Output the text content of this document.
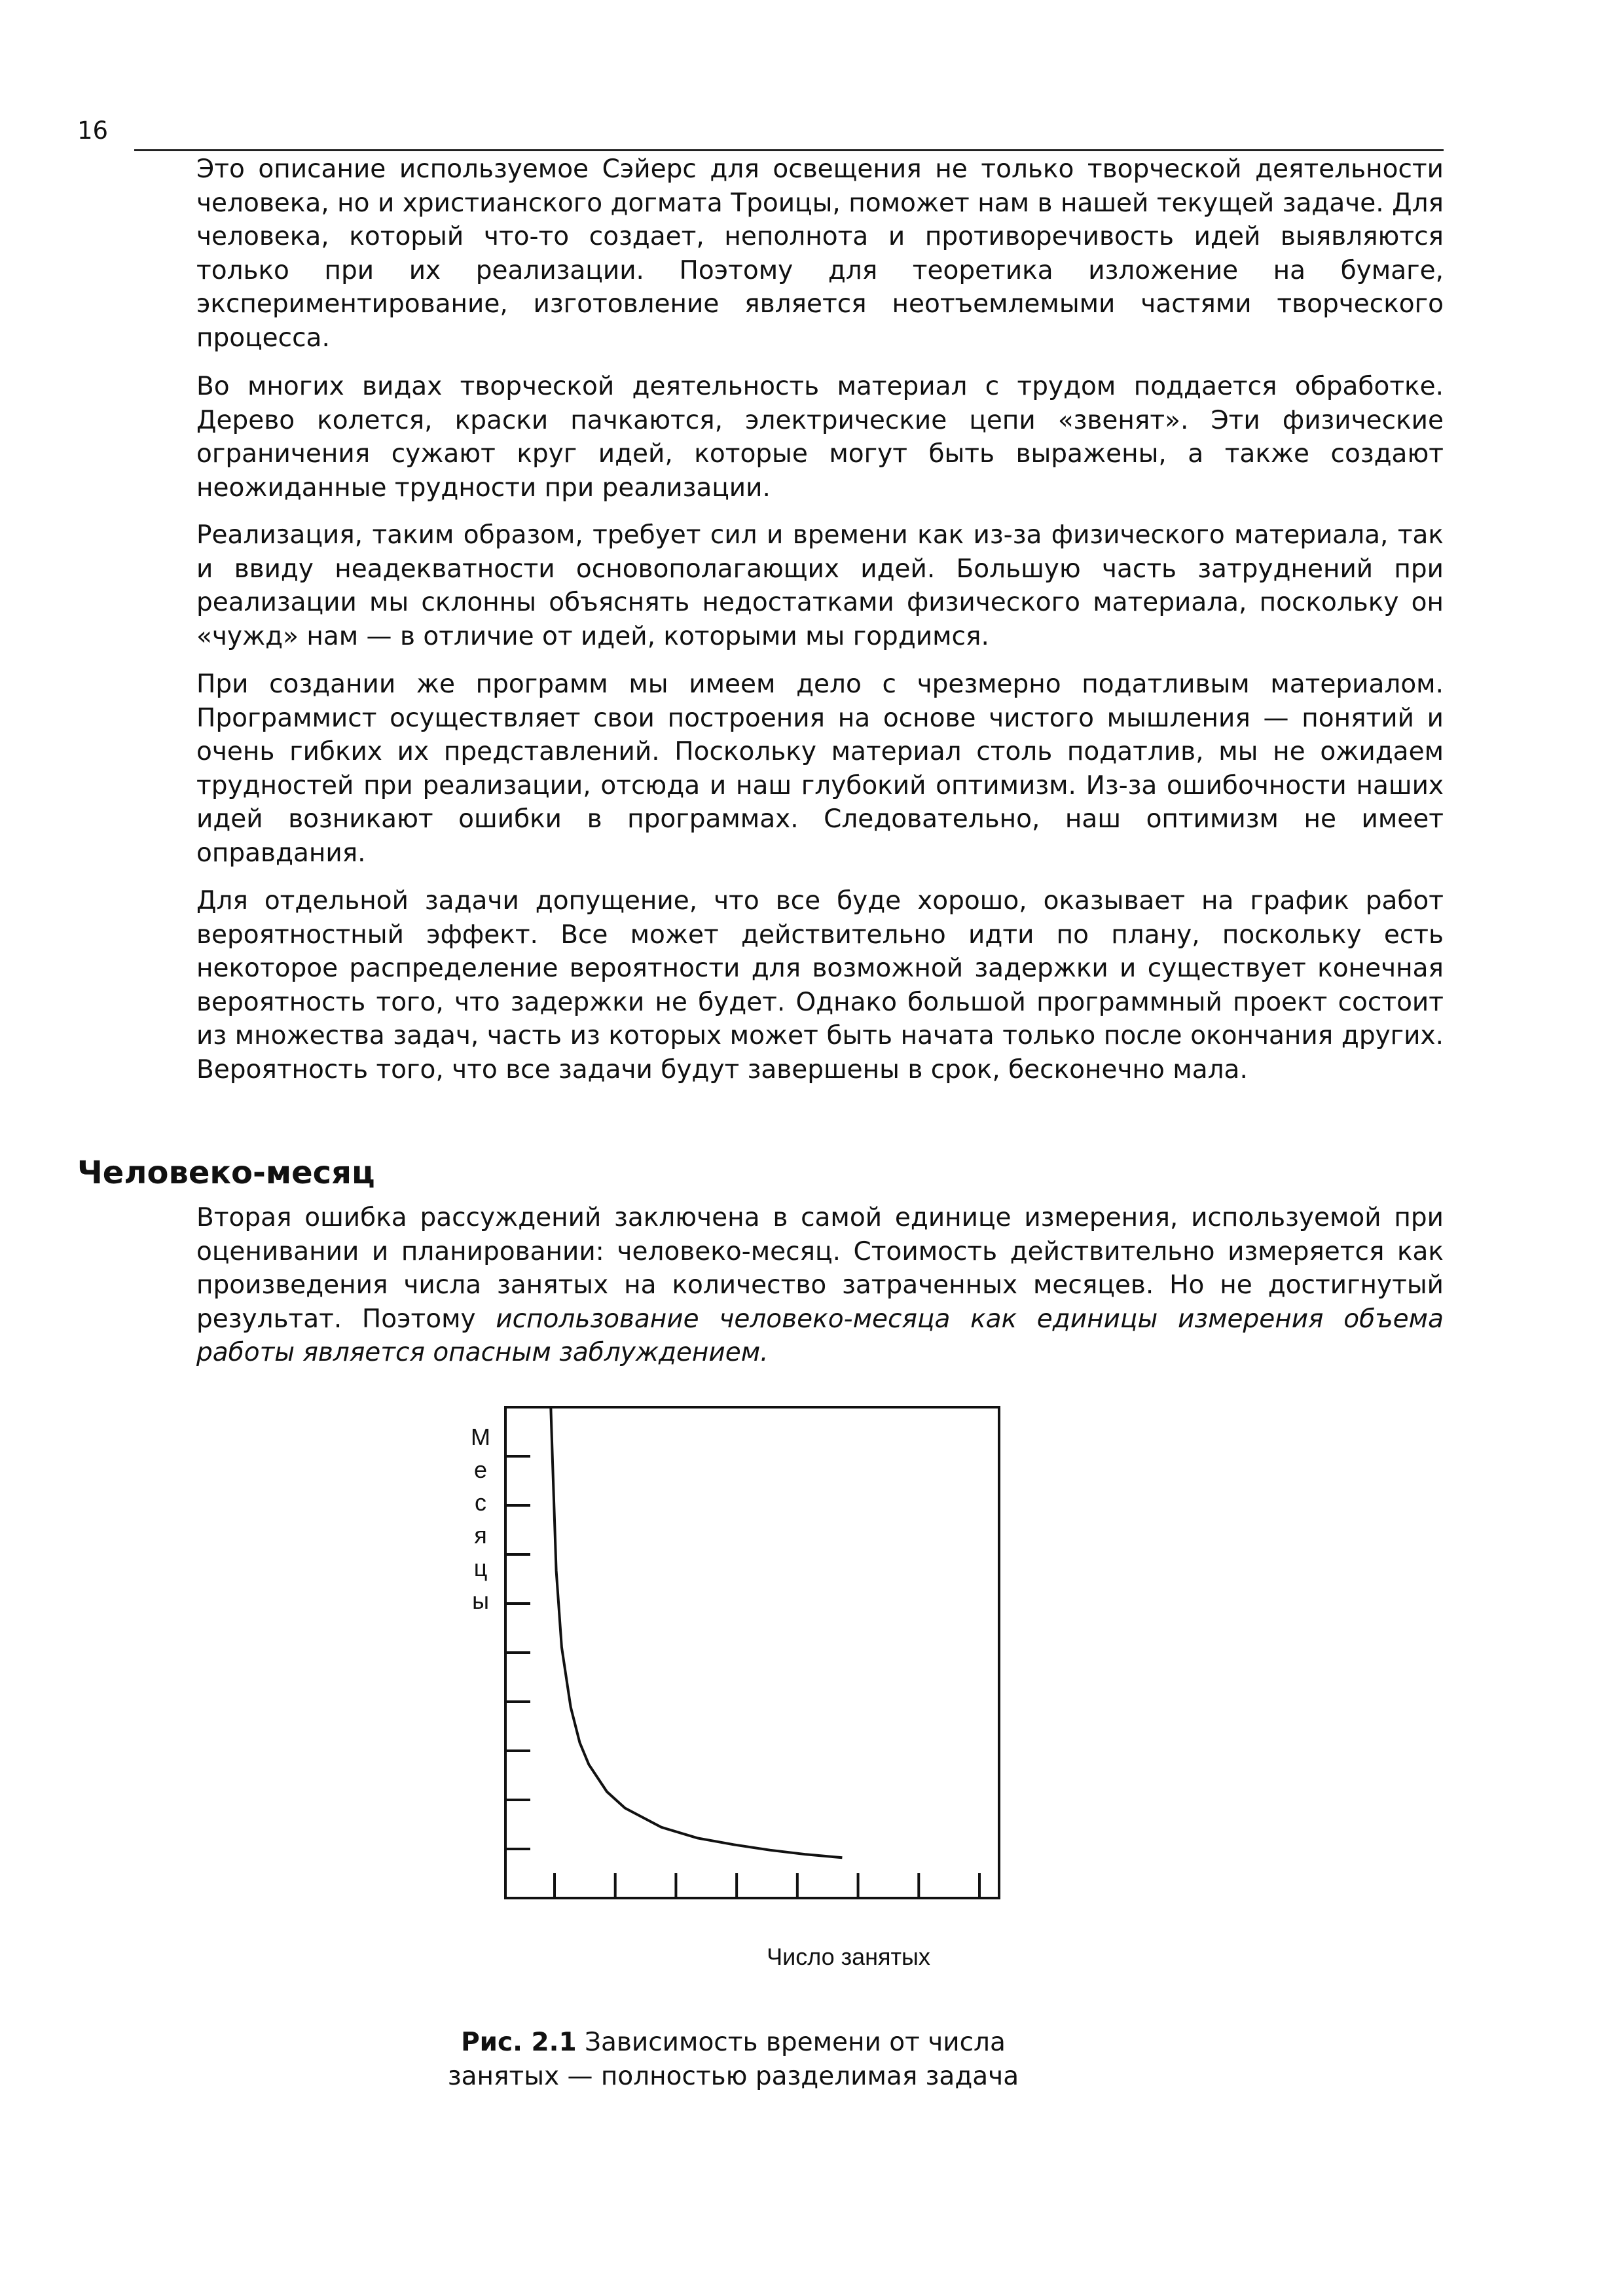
16

Это описание используемое Сэйерс для освещения не только творческой деятельности человека, но и христианского догмата Троицы, поможет нам в нашей текущей задаче. Для человека, который что-то создает, неполнота и противоречивость идей выявляются только при их реализации. Поэтому для теоретика изложение на бумаге, экспериментирование, изготовление является неотъемлемыми частями творческого процесса.

Во многих видах творческой деятельность материал с трудом поддается обработке. Дерево колется, краски пачкаются, электрические цепи «звенят». Эти физические ограничения сужают круг идей, которые могут быть выражены, а также создают неожиданные трудности при реализации.

Реализация, таким образом, требует сил и времени как из-за физического материала, так и ввиду неадекватности основополагающих идей. Большую часть затруднений при реализации мы склонны объяснять недостатками физического материала, поскольку он «чужд» нам — в отличие от идей, которыми мы гордимся.

При создании же программ мы имеем дело с чрезмерно податливым материалом. Программист осуществляет свои построения на основе чистого мышления — понятий и очень гибких их представлений. Поскольку материал столь податлив, мы не ожидаем трудностей при реализации, отсюда и наш глубокий оптимизм. Из-за ошибочности наших идей возникают ошибки в программах. Следовательно, наш оптимизм не имеет оправдания.

Для отдельной задачи допущение, что все буде хорошо, оказывает на график работ вероятностный эффект. Все может действительно идти по плану, поскольку есть некоторое распределение вероятности для возможной задержки и существует конечная вероятность того, что задержки не будет. Однако большой программный проект состоит из множества задач, часть из которых может быть начата только после окончания других. Вероятность того, что все задачи будут завершены в срок, бесконечно мала.

Человеко-месяц

Вторая ошибка рассуждений заключена в самой единице измерения, используемой при оценивании и планировании: человеко-месяц. Стоимость действительно измеряется как произведения числа занятых на количество затраченных месяцев. Но не достигнутый результат. Поэтому использование человеко-месяца как единицы измерения объема работы является опасным заблуждением.

М
е
с
я
ц
ы
Число занятых

Рис. 2.1 Зависимость времени от числа
занятых — полностью разделимая задача
